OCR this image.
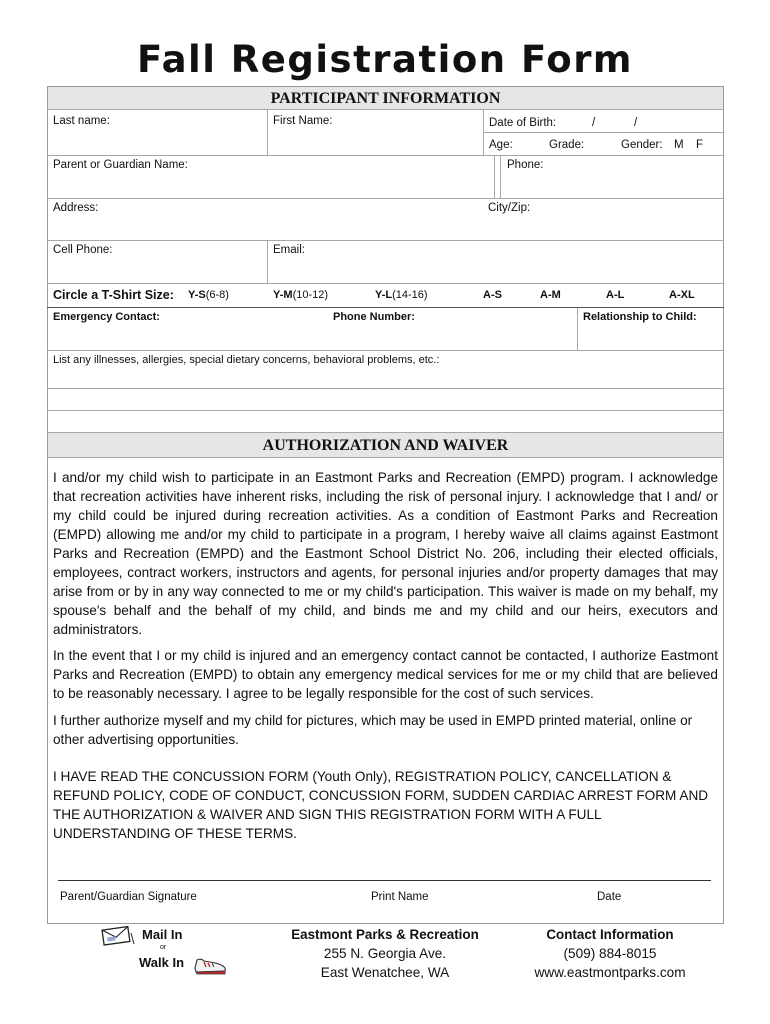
Fall Registration Form
PARTICIPANT INFORMATION
Last name:	First Name:	Date of Birth:	/	/
Age:	Grade:	Gender: M F
Parent or Guardian Name:	Phone:
Address:	City/Zip:
Cell Phone:	Email:
Circle a T-Shirt Size: Y-S(6-8)	Y-M(10-12)	Y-L(14-16)	A-S	A-M	A-L	A-XL
Emergency Contact:	Phone Number:	Relationship to Child:
List any illnesses, allergies, special dietary concerns, behavioral problems, etc.:
AUTHORIZATION AND WAIVER

I and/or my child wish to participate in an Eastmont Parks and Recreation (EMPD) program. I acknowledge that recreation activities have inherent risks, including the risk of personal injury. I acknowledge that I and/ or my child could be injured during recreation activities. As a condition of Eastmont Parks and Recreation (EMPD) allowing me and/or my child to participate in a program, I hereby waive all claims against Eastmont Parks and Recreation (EMPD) and the Eastmont School District No. 206, including their elected officials, employees, contract workers, instructors and agents, for personal injuries and/or property damages that may arise from or by in any way connected to me or my child's participation. This waiver is made on my behalf, my spouse's behalf and the behalf of my child, and binds me and my child and our heirs, executors and administrators.

In the event that I or my child is injured and an emergency contact cannot be contacted, I authorize Eastmont Parks and Recreation (EMPD) to obtain any emergency medical services for me or my child that are believed to be reasonably necessary. I agree to be legally responsible for the cost of such services.

I further authorize myself and my child for pictures, which may be used in EMPD printed material, online or other advertising opportunities.

I HAVE READ THE CONCUSSION FORM (Youth Only), REGISTRATION POLICY, CANCELLATION & REFUND POLICY, CODE OF CONDUCT, CONCUSSION FORM, SUDDEN CARDIAC ARREST FORM AND THE AUTHORIZATION & WAIVER AND SIGN THIS REGISTRATION FORM WITH A FULL UNDERSTANDING OF THESE TERMS.

Parent/Guardian Signature	Print Name	Date
Mail In
or
Walk In
Eastmont Parks & Recreation
255 N. Georgia Ave.
East Wenatchee, WA
Contact Information
(509) 884-8015
www.eastmontparks.com
